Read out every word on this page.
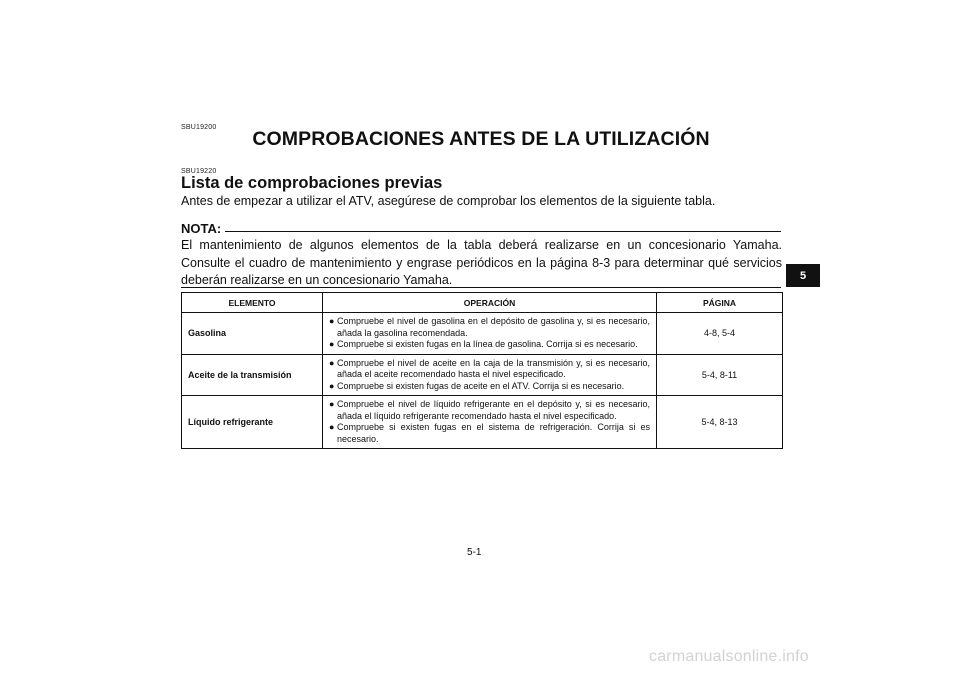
SBU19200
COMPROBACIONES ANTES DE LA UTILIZACIÓN
SBU19220
Lista de comprobaciones previas
Antes de empezar a utilizar el ATV, asegúrese de comprobar los elementos de la siguiente tabla.
NOTA:
El mantenimiento de algunos elementos de la tabla deberá realizarse en un concesionario Yamaha. Consulte el cuadro de mantenimiento y engrase periódicos en la página 8-3 para determinar qué servicios deberán realizarse en un concesionario Yamaha.
ELEMENTO	OPERACIÓN	PÁGINA
Gasolina	● Compruebe el nivel de gasolina en el depósito de gasolina y, si es necesario, añada la gasolina recomendada.
● Compruebe si existen fugas en la línea de gasolina. Corrija si es necesario.	4-8, 5-4
Aceite de la transmisión	● Compruebe el nivel de aceite en la caja de la transmisión y, si es necesario, añada el aceite recomendado hasta el nivel especificado.
● Compruebe si existen fugas de aceite en el ATV. Corrija si es necesario.	5-4, 8-11
Líquido refrigerante	● Compruebe el nivel de líquido refrigerante en el depósito y, si es necesario, añada el líquido refrigerante recomendado hasta el nivel especificado.
● Compruebe si existen fugas en el sistema de refrigeración. Corrija si es necesario.	5-4, 8-13
5-1
5
carmanualsonline.info
